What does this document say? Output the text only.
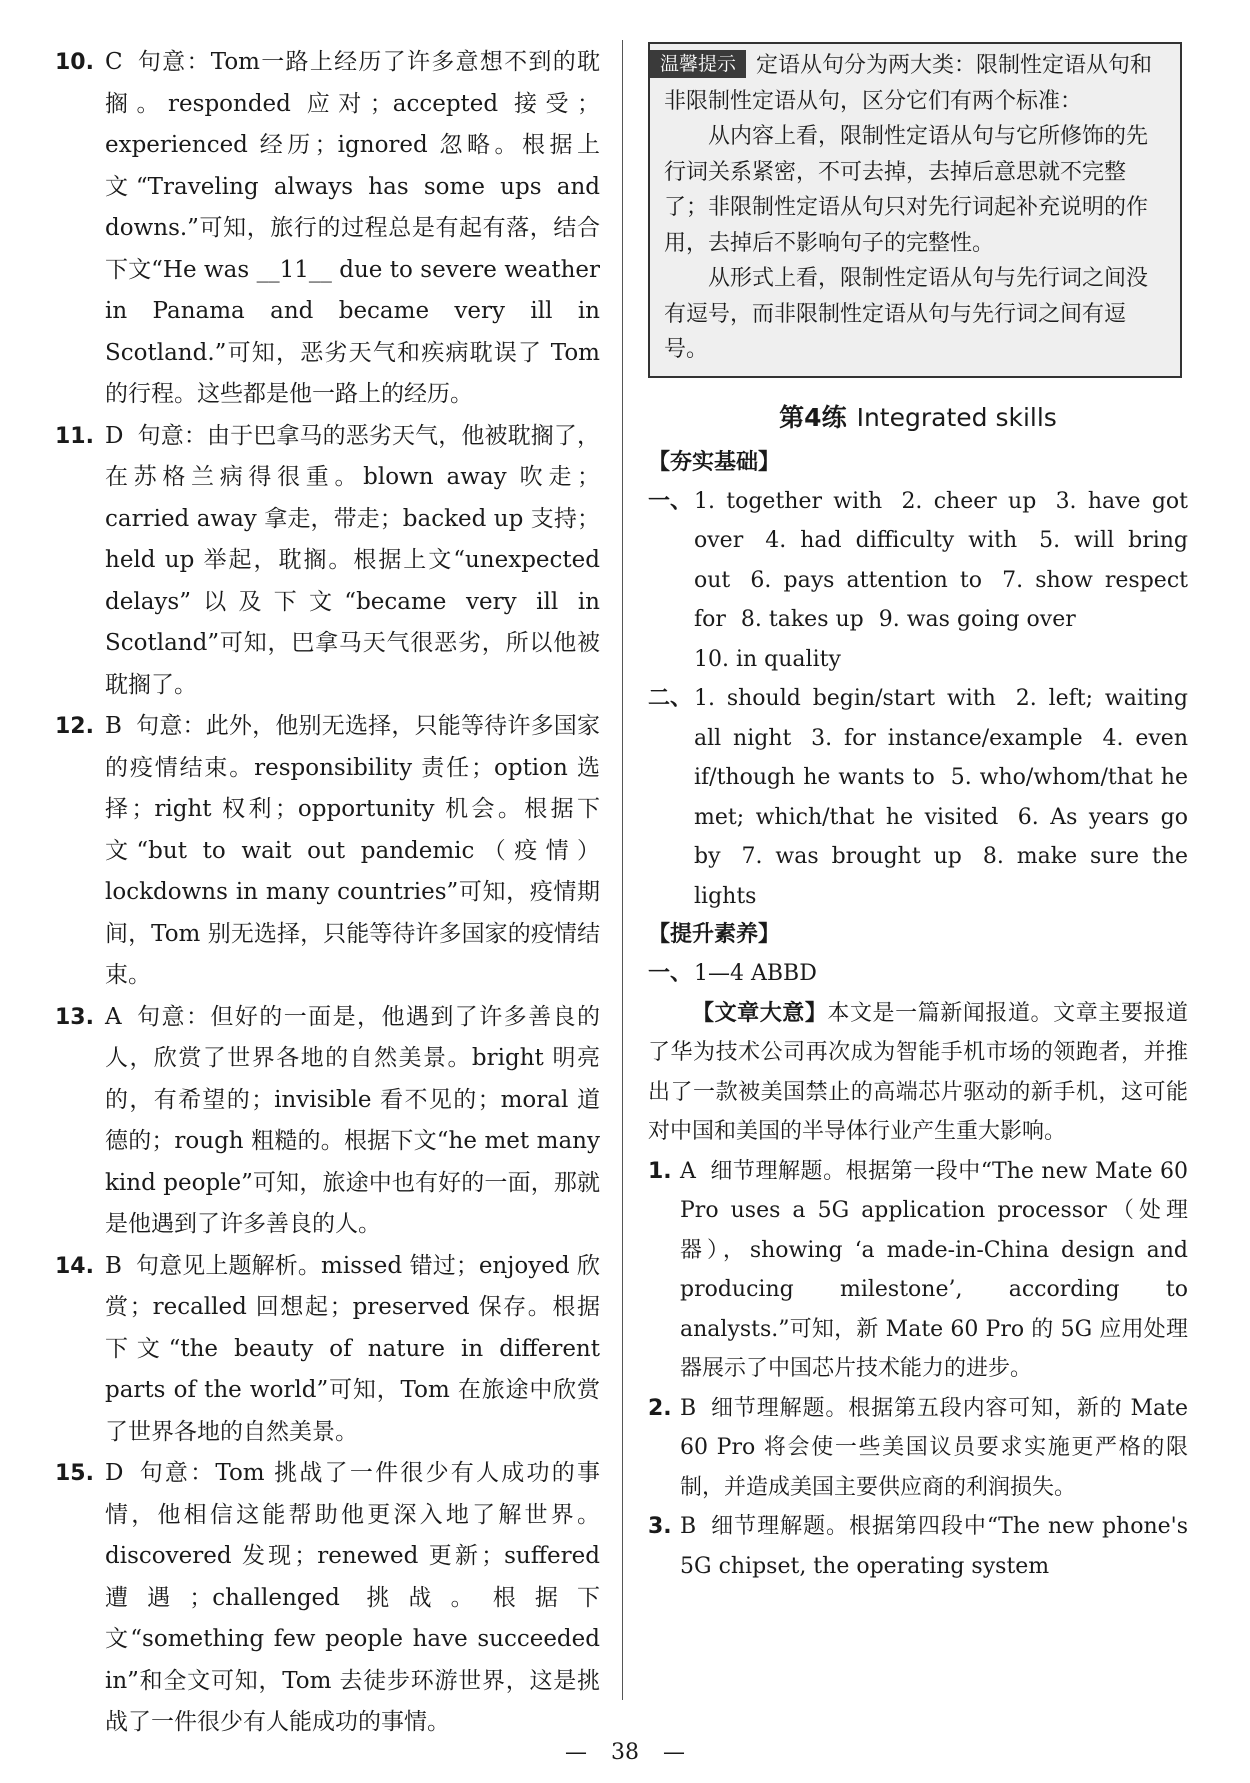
10. C 句意：Tom一路上经历了许多意想不到的耽搁。responded 应对；accepted 接受；experienced 经历；ignored 忽略。根据上文“Traveling always has some ups and downs.”可知，旅行的过程总是有起有落，结合下文“He was __11__ due to severe weather in Panama and became very ill in Scotland.”可知，恶劣天气和疾病耽误了 Tom 的行程。这些都是他一路上的经历。

11. D 句意：由于巴拿马的恶劣天气，他被耽搁了，在苏格兰病得很重。blown away 吹走；carried away 拿走，带走；backed up 支持；held up 举起，耽搁。根据上文“unexpected delays”以及下文“became very ill in Scotland”可知，巴拿马天气很恶劣，所以他被耽搁了。

12. B 句意：此外，他别无选择，只能等待许多国家的疫情结束。responsibility 责任；option 选择；right 权利；opportunity 机会。根据下文“but to wait out pandemic（疫情）lockdowns in many countries”可知，疫情期间，Tom 别无选择，只能等待许多国家的疫情结束。

13. A 句意：但好的一面是，他遇到了许多善良的人，欣赏了世界各地的自然美景。bright 明亮的，有希望的；invisible 看不见的；moral 道德的；rough 粗糙的。根据下文“he met many kind people”可知，旅途中也有好的一面，那就是他遇到了许多善良的人。

14. B 句意见上题解析。missed 错过；enjoyed 欣赏；recalled 回想起；preserved 保存。根据下文“the beauty of nature in different parts of the world”可知，Tom 在旅途中欣赏了世界各地的自然美景。

15. D 句意：Tom 挑战了一件很少有人成功的事情，他相信这能帮助他更深入地了解世界。discovered 发现；renewed 更新；suffered 遭遇；challenged 挑战。根据下文“something few people have succeeded in”和全文可知，Tom 去徒步环游世界，这是挑战了一件很少有人能成功的事情。

温馨提示 定语从句分为两大类：限制性定语从句和非限制性定语从句，区分它们有两个标准：

从内容上看，限制性定语从句与它所修饰的先行词关系紧密，不可去掉，去掉后意思就不完整了；非限制性定语从句只对先行词起补充说明的作用，去掉后不影响句子的完整性。

从形式上看，限制性定语从句与先行词之间没有逗号，而非限制性定语从句与先行词之间有逗号。

第4练 Integrated skills
【夯实基础】
一、 1. together with 2. cheer up 3. have got over 4. had difficulty with 5. will bring out 6. pays attention to 7. show respect for 8. takes up 9. was going over
10. in quality
二、 1. should begin/start with 2. left; waiting all night 3. for instance/example 4. even if/though he wants to 5. who/whom/that he met; which/that he visited 6. As years go by 7. was brought up 8. make sure the lights
【提升素养】
一、 1—4 ABBD
【文章大意】本文是一篇新闻报道。文章主要报道了华为技术公司再次成为智能手机市场的领跑者，并推出了一款被美国禁止的高端芯片驱动的新手机，这可能对中国和美国的半导体行业产生重大影响。
1. A 细节理解题。根据第一段中“The new Mate 60 Pro uses a 5G application processor（处理器），showing ‘a made-in-China design and producing milestone’, according to analysts.”可知，新 Mate 60 Pro 的 5G 应用处理器展示了中国芯片技术能力的进步。
2. B 细节理解题。根据第五段内容可知，新的 Mate 60 Pro 将会使一些美国议员要求实施更严格的限制，并造成美国主要供应商的利润损失。
3. B 细节理解题。根据第四段中“The new phone's 5G chipset, the operating system
— 38 —
